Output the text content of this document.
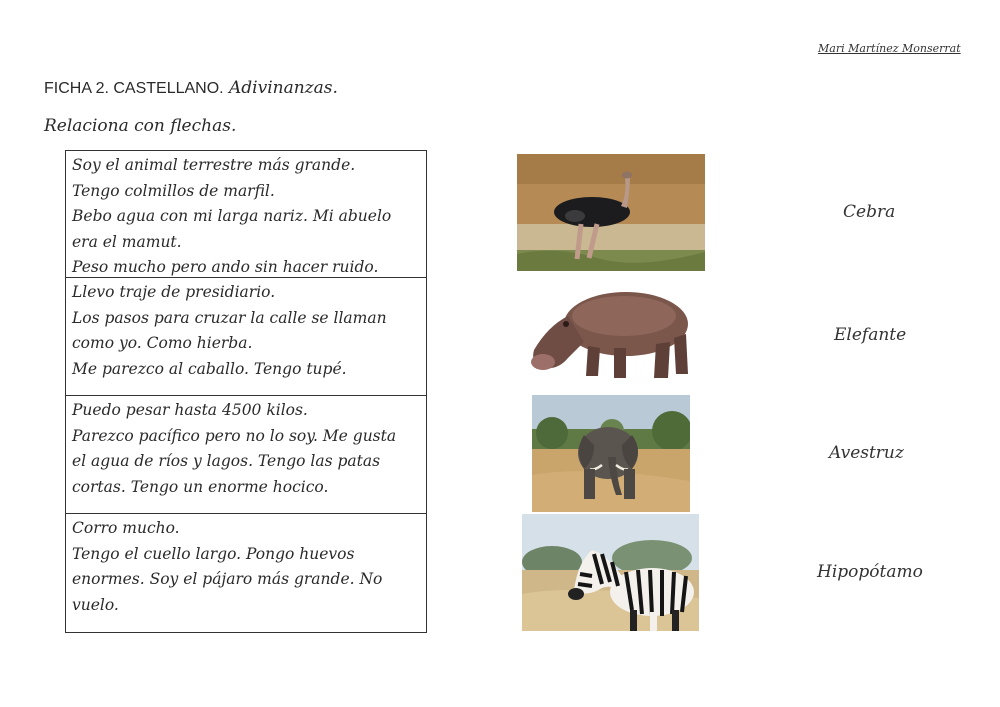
Mari Martínez Monserrat
FICHA 2. CASTELLANO. Adivinanzas.
Relaciona con flechas.
Soy el animal terrestre más grande.
Tengo colmillos de marfil.
Bebo agua con mi larga nariz. Mi abuelo
era el mamut.
Peso mucho pero ando sin hacer ruido.
Llevo traje de presidiario.
Los pasos para cruzar la calle se llaman
como yo. Como hierba.
Me parezco al caballo. Tengo tupé.
Puedo pesar hasta 4500 kilos.
Parezco pacífico pero no lo soy. Me gusta
el agua de ríos y lagos. Tengo las patas
cortas. Tengo un enorme hocico.
Corro mucho.
Tengo el cuello largo. Pongo huevos
enormes. Soy el pájaro más grande. No
vuelo.
Cebra
Elefante
Avestruz
Hipopótamo
